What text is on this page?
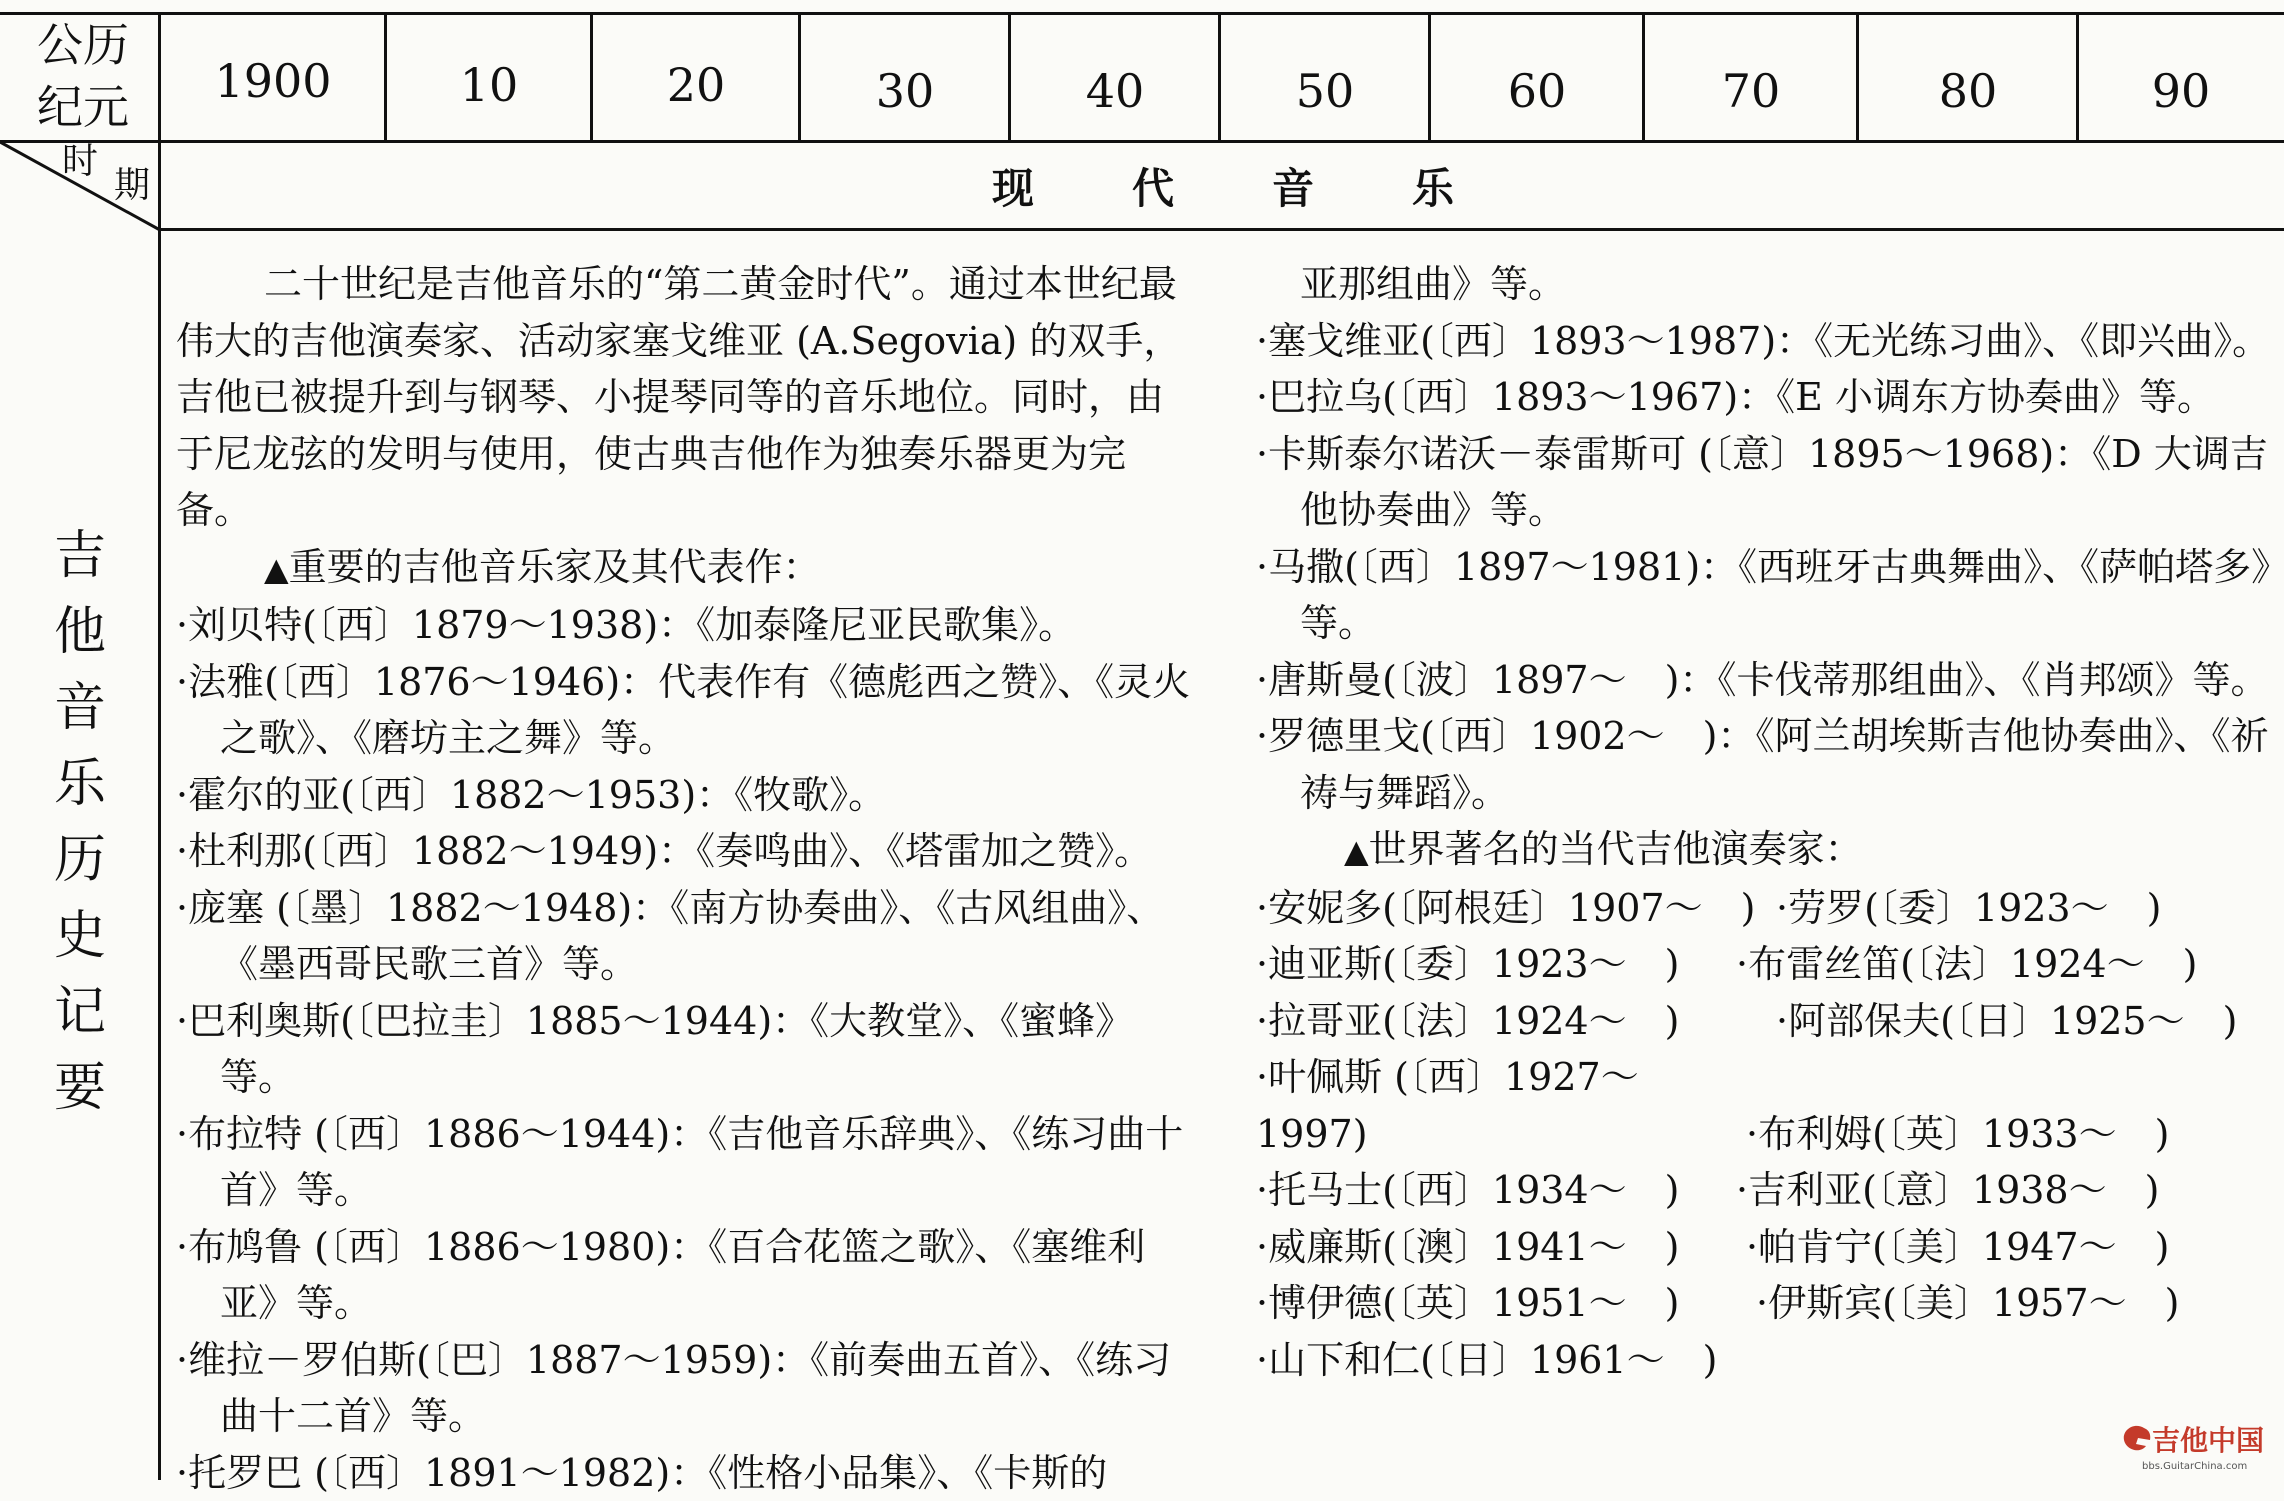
公历
纪元	1900	10	20	30	40	50	60	70	80	90
时
期	现代音乐
吉
他
音
乐
历
史
记
要

二十世纪是吉他音乐的“第二黄金时代”。通过本世纪最伟大的吉他演奏家、活动家塞戈维亚 (A.Segovia) 的双手，吉他已被提升到与钢琴、小提琴同等的音乐地位。同时，由于尼龙弦的发明与使用，使古典吉他作为独奏乐器更为完备。

▲重要的吉他音乐家及其代表作：

·刘贝特(〔西〕1879～1938)：《加泰隆尼亚民歌集》。

·法雅(〔西〕1876～1946)：代表作有《德彪西之赞》、《灵火之歌》、《磨坊主之舞》等。

·霍尔的亚(〔西〕1882～1953)：《牧歌》。

·杜利那(〔西〕1882～1949)：《奏鸣曲》、《塔雷加之赞》。

·庞塞 (〔墨〕1882～1948)：《南方协奏曲》、《古风组曲》、《墨西哥民歌三首》等。

·巴利奥斯(〔巴拉圭〕1885～1944)：《大教堂》、《蜜蜂》等。

·布拉特 (〔西〕1886～1944)：《吉他音乐辞典》、《练习曲十首》等。

·布鸠鲁 (〔西〕1886～1980)：《百合花篮之歌》、《塞维利亚》等。

·维拉－罗伯斯(〔巴〕1887～1959)：《前奏曲五首》、《练习曲十二首》等。

·托罗巴 (〔西〕1891～1982)：《性格小品集》、《卡斯的

亚那组曲》等。

·塞戈维亚(〔西〕1893～1987)：《无光练习曲》、《即兴曲》。

·巴拉乌(〔西〕1893～1967)：《E 小调东方协奏曲》等。

·卡斯泰尔诺沃－泰雷斯可 (〔意〕1895～1968)：《D 大调吉他协奏曲》等。

·马撒(〔西〕1897～1981)：《西班牙古典舞曲》、《萨帕塔多》等。

·唐斯曼(〔波〕1897～　)：《卡伐蒂那组曲》、《肖邦颂》等。

·罗德里戈(〔西〕1902～　)：《阿兰胡埃斯吉他协奏曲》、《祈祷与舞蹈》。

▲世界著名的当代吉他演奏家：

·安妮多(〔阿根廷〕1907～　) ·劳罗(〔委〕1923～　)

·迪亚斯(〔委〕1923～　) ·布雷丝笛(〔法〕1924～　)

·拉哥亚(〔法〕1924～　)	·阿部保夫(〔日〕1925～　)

·叶佩斯 (〔西〕1927～1997)	·布利姆(〔英〕1933～　)

·托马士(〔西〕1934～　) ·吉利亚(〔意〕1938～　)

·威廉斯(〔澳〕1941～　) ·帕肯宁(〔美〕1947～　)

·博伊德(〔英〕1951～　) ·伊斯宾(〔美〕1957～　)

·山下和仁(〔日〕1961～　)

吉他中国
bbs.GuitarChina.com
